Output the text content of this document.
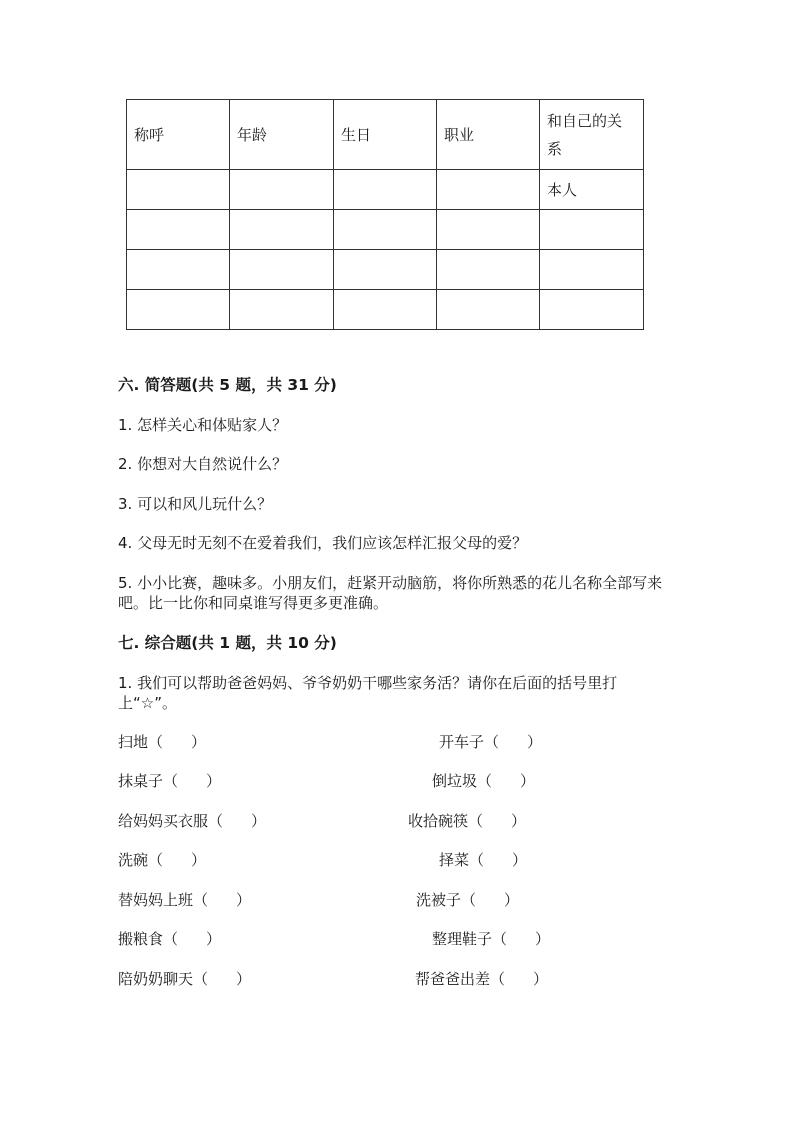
称呼	年龄	生日	职业	和自己的关系
				本人

六. 简答题(共 5 题，共 31 分)
1. 怎样关心和体贴家人？
2. 你想对大自然说什么？
3. 可以和风儿玩什么？
4. 父母无时无刻不在爱着我们，我们应该怎样汇报父母的爱？
5. 小小比赛，趣味多。小朋友们，赶紧开动脑筋，将你所熟悉的花儿名称全部写来吧。比一比你和同桌谁写得更多更准确。
七. 综合题(共 1 题，共 10 分)
1. 我们可以帮助爸爸妈妈、爷爷奶奶干哪些家务活？请你在后面的括号里打上“☆”。
扫地（ ）
抹桌子（ ）
给妈妈买衣服（ ）
洗碗（ ）
替妈妈上班（ ）
搬粮食（ ）
陪奶奶聊天（ ）
开车子（ ）
倒垃圾（ ）
收拾碗筷（ ）
择菜（ ）
洗被子（ ）
整理鞋子（ ）
帮爸爸出差（ ）
